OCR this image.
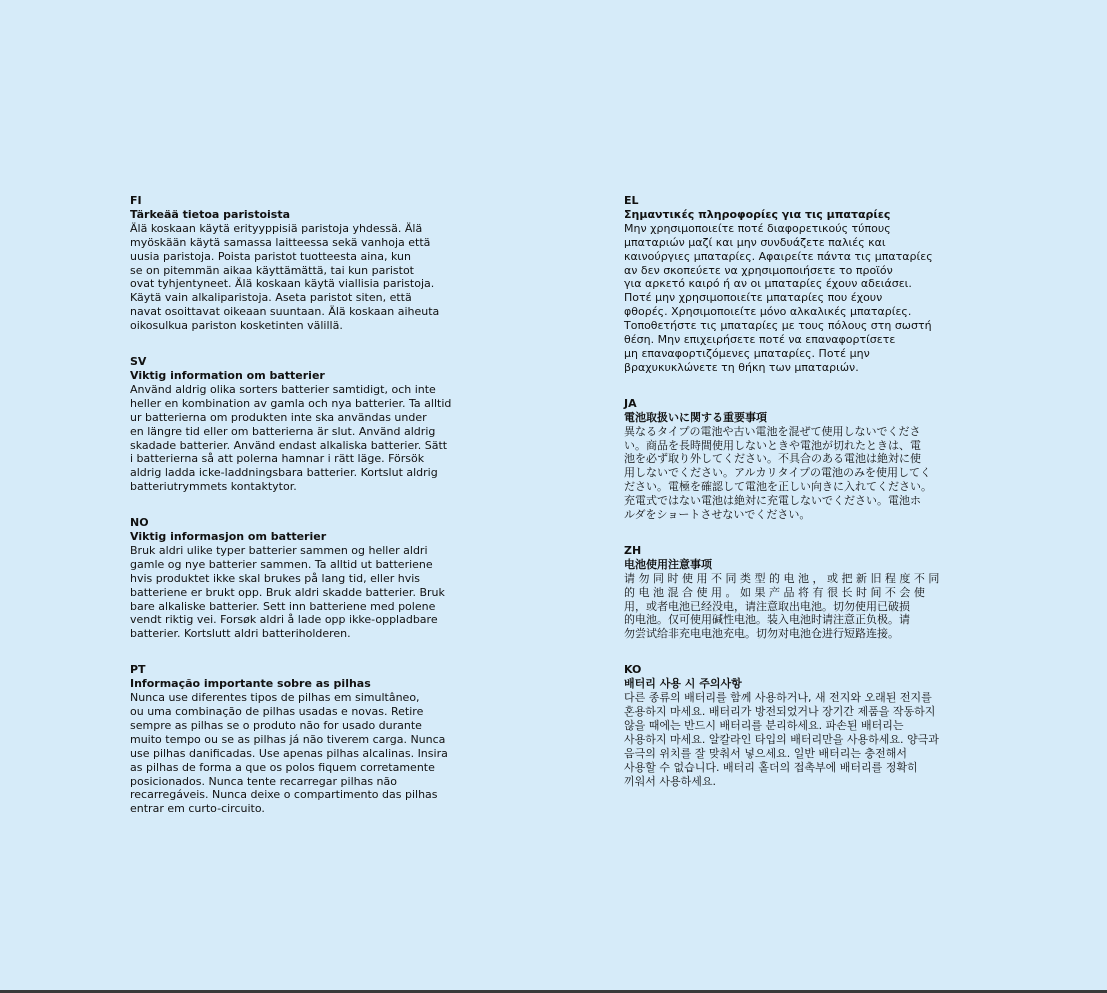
FI
Tärkeää tietoa paristoista
Älä koskaan käytä erityyppisiä paristoja yhdessä. Älä
myöskään käytä samassa laitteessa sekä vanhoja että
uusia paristoja. Poista paristot tuotteesta aina, kun
se on pitemmän aikaa käyttämättä, tai kun paristot
ovat tyhjentyneet. Älä koskaan käytä viallisia paristoja.
Käytä vain alkaliparistoja. Aseta paristot siten, että
navat osoittavat oikeaan suuntaan. Älä koskaan aiheuta
oikosulkua pariston kosketinten välillä.
SV
Viktig information om batterier
Använd aldrig olika sorters batterier samtidigt, och inte
heller en kombination av gamla och nya batterier. Ta alltid
ur batterierna om produkten inte ska användas under
en längre tid eller om batterierna är slut. Använd aldrig
skadade batterier. Använd endast alkaliska batterier. Sätt
i batterierna så att polerna hamnar i rätt läge. Försök
aldrig ladda icke-laddningsbara batterier. Kortslut aldrig
batteriutrymmets kontaktytor.
NO
Viktig informasjon om batterier
Bruk aldri ulike typer batterier sammen og heller aldri
gamle og nye batterier sammen. Ta alltid ut batteriene
hvis produktet ikke skal brukes på lang tid, eller hvis
batteriene er brukt opp. Bruk aldri skadde batterier. Bruk
bare alkaliske batterier. Sett inn batteriene med polene
vendt riktig vei. Forsøk aldri å lade opp ikke-oppladbare
batterier. Kortslutt aldri batteriholderen.
PT
Informação importante sobre as pilhas
Nunca use diferentes tipos de pilhas em simultâneo,
ou uma combinação de pilhas usadas e novas. Retire
sempre as pilhas se o produto não for usado durante
muito tempo ou se as pilhas já não tiverem carga. Nunca
use pilhas danificadas. Use apenas pilhas alcalinas. Insira
as pilhas de forma a que os polos fiquem corretamente
posicionados. Nunca tente recarregar pilhas não
recarregáveis. Nunca deixe o compartimento das pilhas
entrar em curto-circuito.
EL
Σημαντικές πληροφορίες για τις μπαταρίες
Μην χρησιμοποιείτε ποτέ διαφορετικούς τύπους
μπαταριών μαζί και μην συνδυάζετε παλιές και
καινούργιες μπαταρίες. Αφαιρείτε πάντα τις μπαταρίες
αν δεν σκοπεύετε να χρησιμοποιήσετε το προϊόν
για αρκετό καιρό ή αν οι μπαταρίες έχουν αδειάσει.
Ποτέ μην χρησιμοποιείτε μπαταρίες που έχουν
φθορές. Χρησιμοποιείτε μόνο αλκαλικές μπαταρίες.
Τοποθετήστε τις μπαταρίες με τους πόλους στη σωστή
θέση. Μην επιχειρήσετε ποτέ να επαναφορτίσετε
μη επαναφορτιζόμενες μπαταρίες. Ποτέ μην
βραχυκυκλώνετε τη θήκη των μπαταριών.
JA
電池取扱いに関する重要事項
異なるタイプの電池や古い電池を混ぜて使用しないでくださ
い。商品を長時間使用しないときや電池が切れたときは、電
池を必ず取り外してください。不具合のある電池は絶対に使
用しないでください。アルカリタイプの電池のみを使用してく
ださい。電極を確認して電池を正しい向きに入れてください。
充電式ではない電池は絶対に充電しないでください。電池ホ
ルダをショートさせないでください。
ZH
电池使用注意事项
请 勿 同 时 使 用 不 同 类 型 的 电 池 ， 或 把 新 旧 程 度 不 同
的 电 池 混 合 使 用 。 如 果 产 品 将 有 很 长 时 间 不 会 使
用，或者电池已经没电，请注意取出电池。切勿使用已破损
的电池。仅可使用碱性电池。装入电池时请注意正负极。请
勿尝试给非充电电池充电。切勿对电池仓进行短路连接。
KO
배터리 사용 시 주의사항
다른 종류의 배터리를 함께 사용하거나, 새 전지와 오래된 전지를
혼용하지 마세요. 배터리가 방전되었거나 장기간 제품을 작동하지
않을 때에는 반드시 배터리를 분리하세요. 파손된 배터리는
사용하지 마세요. 알칼라인 타입의 배터리만을 사용하세요. 양극과
음극의 위치를 잘 맞춰서 넣으세요. 일반 배터리는 충전해서
사용할 수 없습니다. 배터리 홀더의 접촉부에 배터리를 정확히
끼워서 사용하세요.
